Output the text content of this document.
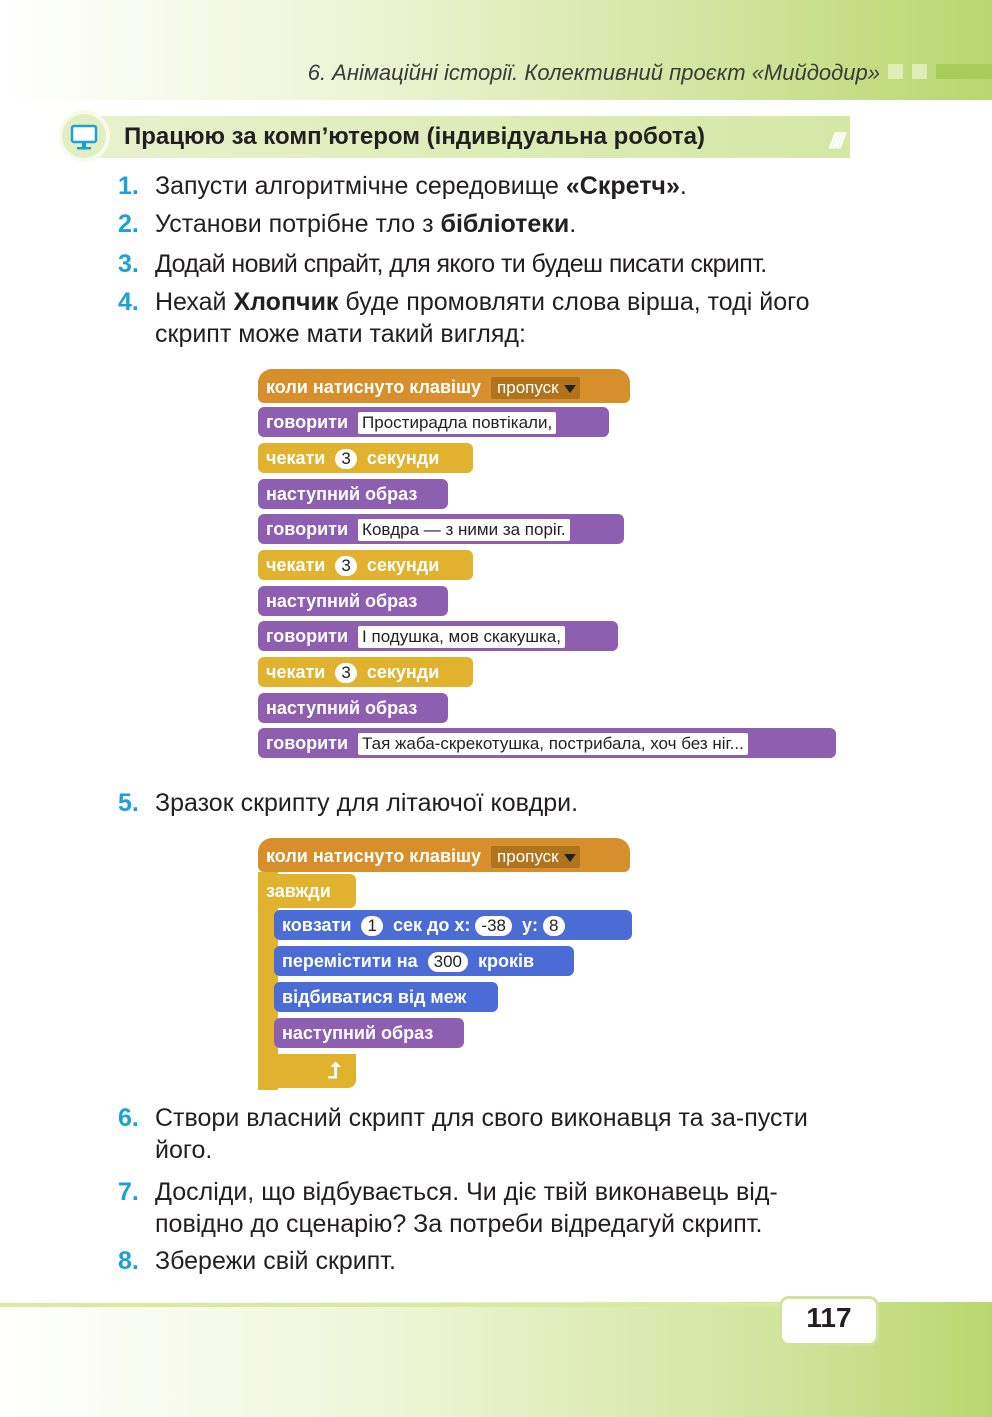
6. Анімаційні історії. Колективний проєкт «Мийдодир»
////
Працюю за комп’ютером (індивідуальна робота)
1. Запусти алгоритмічне середовище «Скретч».
2. Установи потрібне тло з бібліотеки.
3. Додай новий спрайт, для якого ти будеш писати скрипт.
4. Нехай Хлопчик буде промовляти слова вірша, тоді його скрипт може мати такий вигляд:
коли натиснуто клавішу пропуск
говорити Простирадла повтікали,
чекати 3 секунди
наступний образ
говорити Ковдра — з ними за поріг.
чекати 3 секунди
наступний образ
говорити І подушка, мов скакушка,
чекати 3 секунди
наступний образ
говорити Тая жаба-скрекотушка, пострибала, хоч без ніг...
5. Зразок скрипту для літаючої ковдри.
коли натиснуто клавішу пропуск
завжди
⮥
ковзати 1 сек до x: -38 y: 8
перемістити на 300 кроків
відбиватися від меж
наступний образ
6. Створи власний скрипт для свого виконавця та за-пусти його.
7. Досліди, що відбувається. Чи діє твій виконавець від-повідно до сценарію? За потреби відредагуй скрипт.
8. Збережи свій скрипт.
117
